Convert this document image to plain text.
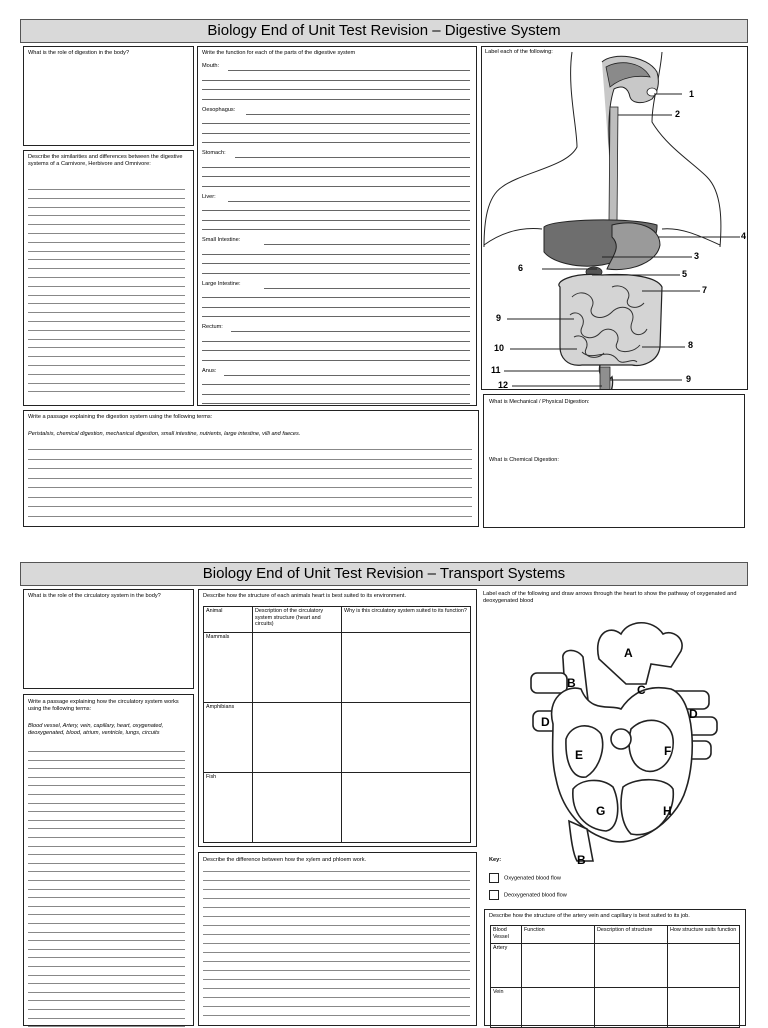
Biology End of Unit Test Revision – Digestive System
What is the role of digestion in the body?
Describe the similarities and differences between the digestive systems of a Carnivore, Herbivore and Omnivore:
Write the function for each of the parts of the digestive system
Mouth:
Oesophagus:
Stomach:
Liver:
Small Intestine:
Large Intestine:
Rectum:
Anus:
Label each of the following:
1
2
3
4
5
6
7
8
9
9
10
11
12
Write a passage explaining the digestion system using the following terms:
Peristalsis, chemical digestion, mechanical digestion, small intestine, nutrients, large intestine, villi and faeces.
What is Mechanical / Physical Digestion:
What is Chemical Digestion:
Biology End of Unit Test Revision – Transport Systems
What is the role of the circulatory system in the body?
Write a passage explaining how the circulatory system works using the following terms:
Blood vessel, Artery, vein, capillary, heart, oxygenated, deoxygenated, blood, atrium, ventricle, lungs, circuits
Describe how the structure of each animals heart is best suited to its environment.
Animal	Description of the circulatory system structure (heart and circuits)	Why is this circulatory system suited to its function?
Mammals		
Amphibians		
Fish		
Describe the difference between how the xylem and phloem work.
Label each of the following and draw arrows through the heart to show the pathway of oxygenated and deoxygenated blood
A
B	C
D
D
E	F
G	H
B
Key:
Oxygenated blood flow
Deoxygenated blood flow
Describe how the structure of the artery vein and capillary is best suited to its job.
Blood Vessel	Function	Description of structure	How structure suits function
Artery			
Vein			
